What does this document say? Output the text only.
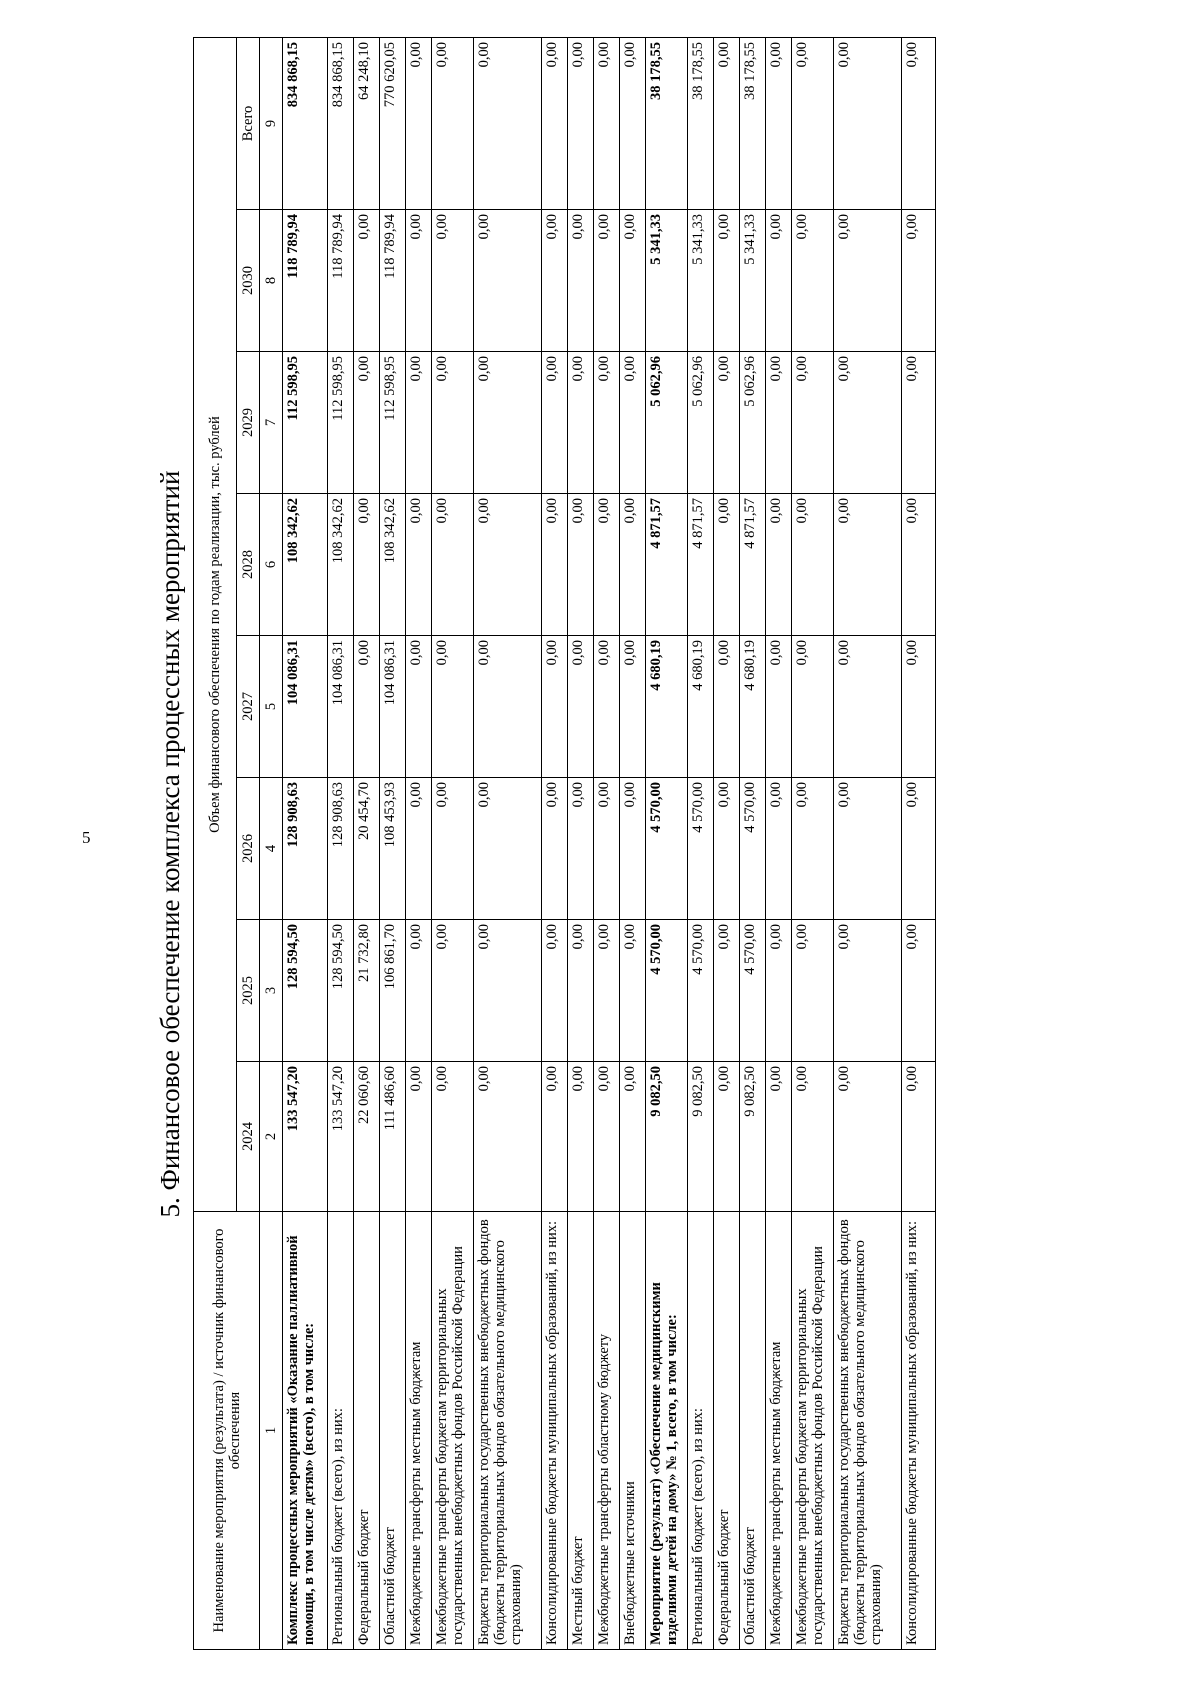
5 5. Финансовое обеспечение комплекса процессных мероприятий
Наименование мероприятия (результата) / источник финансового обеспечения	Объем финансового обеспечения по годам реализации, тыс. рублей							
	2024	2025	2026	2027	2028	2029	2030	Всего
1	2	3	4	5	6	7	8	9
Комплекс процессных мероприятий «Оказание паллиативной помощи, в том числе детям» (всего), в том числе:	133 547,20	128 594,50	128 908,63	104 086,31	108 342,62	112 598,95	118 789,94	834 868,15
Региональный бюджет (всего), из них:	133 547,20	128 594,50	128 908,63	104 086,31	108 342,62	112 598,95	118 789,94	834 868,15
Федеральный бюджет	22 060,60	21 732,80	20 454,70	0,00	0,00	0,00	0,00	64 248,10
Областной бюджет	111 486,60	106 861,70	108 453,93	104 086,31	108 342,62	112 598,95	118 789,94	770 620,05
Межбюджетные трансферты местным бюджетам	0,00	0,00	0,00	0,00	0,00	0,00	0,00	0,00
Межбюджетные трансферты бюджетам территориальных государственных внебюджетных фондов Российской Федерации	0,00	0,00	0,00	0,00	0,00	0,00	0,00	0,00
Бюджеты территориальных государственных внебюджетных фондов (бюджеты территориальных фондов обязательного медицинского страхования)	0,00	0,00	0,00	0,00	0,00	0,00	0,00	0,00
Консолидированные бюджеты муниципальных образований, из них:	0,00	0,00	0,00	0,00	0,00	0,00	0,00	0,00
Местный бюджет	0,00	0,00	0,00	0,00	0,00	0,00	0,00	0,00
Межбюджетные трансферты областному бюджету	0,00	0,00	0,00	0,00	0,00	0,00	0,00	0,00
Внебюджетные источники	0,00	0,00	0,00	0,00	0,00	0,00	0,00	0,00
Мероприятие (результат) «Обеспечение медицинскими изделиями детей на дому» № 1, всего, в том числе:	9 082,50	4 570,00	4 570,00	4 680,19	4 871,57	5 062,96	5 341,33	38 178,55
Региональный бюджет (всего), из них:	9 082,50	4 570,00	4 570,00	4 680,19	4 871,57	5 062,96	5 341,33	38 178,55
Федеральный бюджет	0,00	0,00	0,00	0,00	0,00	0,00	0,00	0,00
Областной бюджет	9 082,50	4 570,00	4 570,00	4 680,19	4 871,57	5 062,96	5 341,33	38 178,55
Межбюджетные трансферты местным бюджетам	0,00	0,00	0,00	0,00	0,00	0,00	0,00	0,00
Межбюджетные трансферты бюджетам территориальных государственных внебюджетных фондов Российской Федерации	0,00	0,00	0,00	0,00	0,00	0,00	0,00	0,00
Бюджеты территориальных государственных внебюджетных фондов (бюджеты территориальных фондов обязательного медицинского страхования)	0,00	0,00	0,00	0,00	0,00	0,00	0,00	0,00
Консолидированные бюджеты муниципальных образований, из них:	0,00	0,00	0,00	0,00	0,00	0,00	0,00	0,00
